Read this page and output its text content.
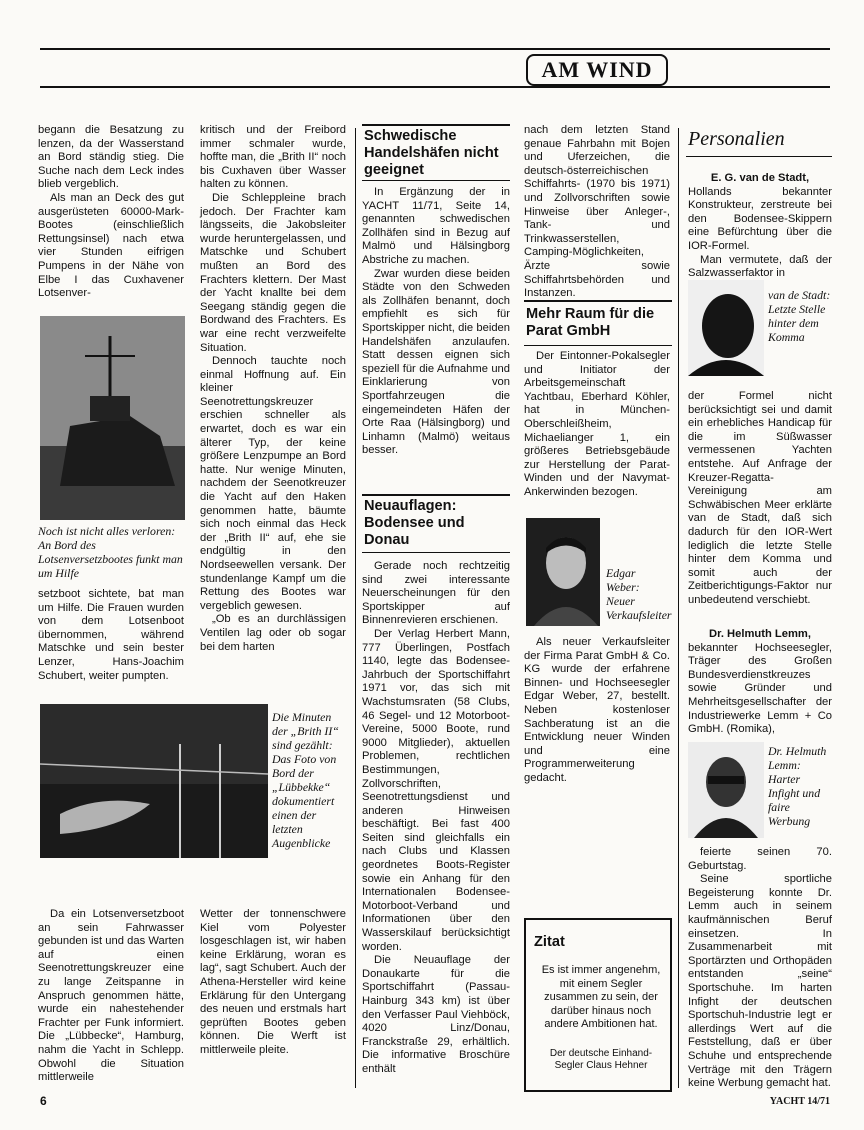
AM WIND

begann die Besatzung zu lenzen, da der Wasserstand an Bord ständig stieg. Die Suche nach dem Leck indes blieb vergeblich.

Als man an Deck des gut ausgerüsteten 60000-Mark-Bootes (einschließlich Rettungsinsel) nach etwa vier Stunden eifrigen Pumpens in der Nähe von Elbe I das Cuxhavener Lotsenver-

Noch ist nicht alles verloren: An Bord des Lotsenversetzbootes funkt man um Hilfe

setzboot sichtete, bat man um Hilfe. Die Frauen wurden von dem Lotsenboot übernommen, während Matschke und sein bester Lenzer, Hans-Joachim Schubert, weiter pumpten.

Die Minuten der „Brith II“ sind gezählt: Das Foto von Bord der „Lübbekke“ dokumentiert einen der letzten Augenblicke

Da ein Lotsenversetzboot an sein Fahrwasser gebunden ist und das Warten auf einen Seenotrettungskreuzer eine zu lange Zeitspanne in Anspruch genommen hätte, wurde ein nahestehender Frachter per Funk informiert. Die „Lübbecke“, Hamburg, nahm die Yacht in Schlepp. Obwohl die Situation mittlerweile

kritisch und der Freibord immer schmaler wurde, hoffte man, die „Brith II“ noch bis Cuxhaven über Wasser halten zu können.

Die Schleppleine brach jedoch. Der Frachter kam längsseits, die Jakobsleiter wurde heruntergelassen, und Matschke und Schubert mußten an Bord des Frachters klettern. Der Mast der Yacht knallte bei dem Seegang ständig gegen die Bordwand des Frachters. Es war eine recht verzweifelte Situation.

Dennoch tauchte noch einmal Hoffnung auf. Ein kleiner Seenotrettungskreuzer erschien schneller als erwartet, doch es war ein älterer Typ, der keine größere Lenzpumpe an Bord hatte. Nur wenige Minuten, nachdem der Seenotkreuzer die Yacht auf den Haken genommen hatte, bäumte sich noch einmal das Heck der „Brith II“ auf, ehe sie endgültig in den Nordseewellen versank. Der stundenlange Kampf um die Rettung des Bootes war vergeblich gewesen.

„Ob es an durchlässigen Ventilen lag oder ob sogar bei dem harten

Wetter der tonnenschwere Kiel vom Polyester losgeschlagen ist, wir haben keine Erklärung, woran es lag“, sagt Schubert. Auch der Athena-Hersteller wird keine Erklärung für den Untergang des neuen und erstmals hart geprüften Bootes geben können. Die Werft ist mittlerweile pleite.

Schwedische Handelshäfen nicht geeignet

In Ergänzung der in YACHT 11/71, Seite 14, genannten schwedischen Zollhäfen sind in Bezug auf Malmö und Hälsingborg Abstriche zu machen.

Zwar wurden diese beiden Städte von den Schweden als Zollhäfen benannt, doch empfiehlt es sich für Sportskipper nicht, die beiden Handelshäfen anzulaufen. Statt dessen eignen sich speziell für die Aufnahme und Einklarierung von Sportfahrzeugen die eingemeindeten Häfen der Orte Raa (Hälsingborg) und Linhamn (Malmö) weitaus besser.

Neuauflagen: Bodensee und Donau

Gerade noch rechtzeitig sind zwei interessante Neuerscheinungen für den Sportskipper auf Binnenrevieren erschienen.

Der Verlag Herbert Mann, 777 Überlingen, Postfach 1140, legte das Bodensee-Jahrbuch der Sportschiffahrt 1971 vor, das sich mit Wachstumsraten (58 Clubs, 46 Segel- und 12 Motorboot-Vereine, 5000 Boote, rund 9000 Mitglieder), aktuellen Problemen, rechtlichen Bestimmungen, Zollvorschriften, Seenotrettungsdienst und anderen Hinweisen beschäftigt. Bei fast 400 Seiten sind gleichfalls ein nach Clubs und Klassen geordnetes Boots-Register sowie ein Anhang für den Internationalen Bodensee-Motorboot-Verband und Informationen über den Wasserskilauf berücksichtigt worden.

Die Neuauflage der Donaukarte für die Sportschiffahrt (Passau-Hainburg 343 km) ist über den Verfasser Paul Viehböck, 4020 Linz/Donau, Franckstraße 29, erhältlich. Die informative Broschüre enthält

nach dem letzten Stand genaue Fahrbahn mit Bojen und Uferzeichen, die deutsch-österreichischen Schiffahrts- (1970 bis 1971) und Zollvorschriften sowie Hinweise über Anleger-, Tank- und Trinkwasserstellen, Camping-Möglichkeiten, Ärzte sowie Schiffahrtsbehörden und Instanzen.

Mehr Raum für die Parat GmbH

Der Eintonner-Pokalsegler und Initiator der Arbeitsgemeinschaft Yachtbau, Eberhard Köhler, hat in München-Oberschleißheim, Michaelianger 1, ein größeres Betriebsgebäude zur Herstellung der Parat-Winden und der Navymat-Ankerwinden bezogen.

Edgar Weber: Neuer Verkaufsleiter

Als neuer Verkaufsleiter der Firma Parat GmbH & Co. KG wurde der erfahrene Binnen- und Hochseesegler Edgar Weber, 27, bestellt. Neben kostenloser Sachberatung ist an die Entwicklung neuer Winden und eine Programmerweiterung gedacht.

Zitat
Es ist immer angenehm, mit einem Segler zusammen zu sein, der darüber hinaus noch andere Ambitionen hat.
Der deutsche Einhand-Segler Claus Hehner
Personalien

E. G. van de Stadt,

Hollands bekannter Konstrukteur, zerstreute bei den Bodensee-Skippern eine Befürchtung über die IOR-Formel.

Man vermutete, daß der Salzwasserfaktor in

van de Stadt: Letzte Stelle hinter dem Komma

der Formel nicht berücksichtigt sei und damit ein erhebliches Handicap für die im Süßwasser vermessenen Yachten entstehe. Auf Anfrage der Kreuzer-Regatta-Vereinigung am Schwäbischen Meer erklärte van de Stadt, daß sich dadurch für den IOR-Wert lediglich die letzte Stelle hinter dem Komma und somit auch der Zeitberichtigungs-Faktor nur unbedeutend verschiebt.

Dr. Helmuth Lemm,

bekannter Hochseesegler, Träger des Großen Bundesverdienstkreuzes sowie Gründer und Mehrheitsgesellschafter der Industriewerke Lemm + Co GmbH. (Romika),

Dr. Helmuth Lemm: Harter Infight und faire Werbung

feierte seinen 70. Geburtstag.

Seine sportliche Begeisterung konnte Dr. Lemm auch in seinem kaufmännischen Beruf einsetzen. In Zusammenarbeit mit Sportärzten und Orthopäden entstanden „seine“ Sportschuhe. Im harten Infight der deutschen Sportschuh-Industrie legt er allerdings Wert auf die Feststellung, daß er über Schuhe und entsprechende Verträge mit den Trägern keine Werbung gemacht hat.

6	YACHT 14/71
